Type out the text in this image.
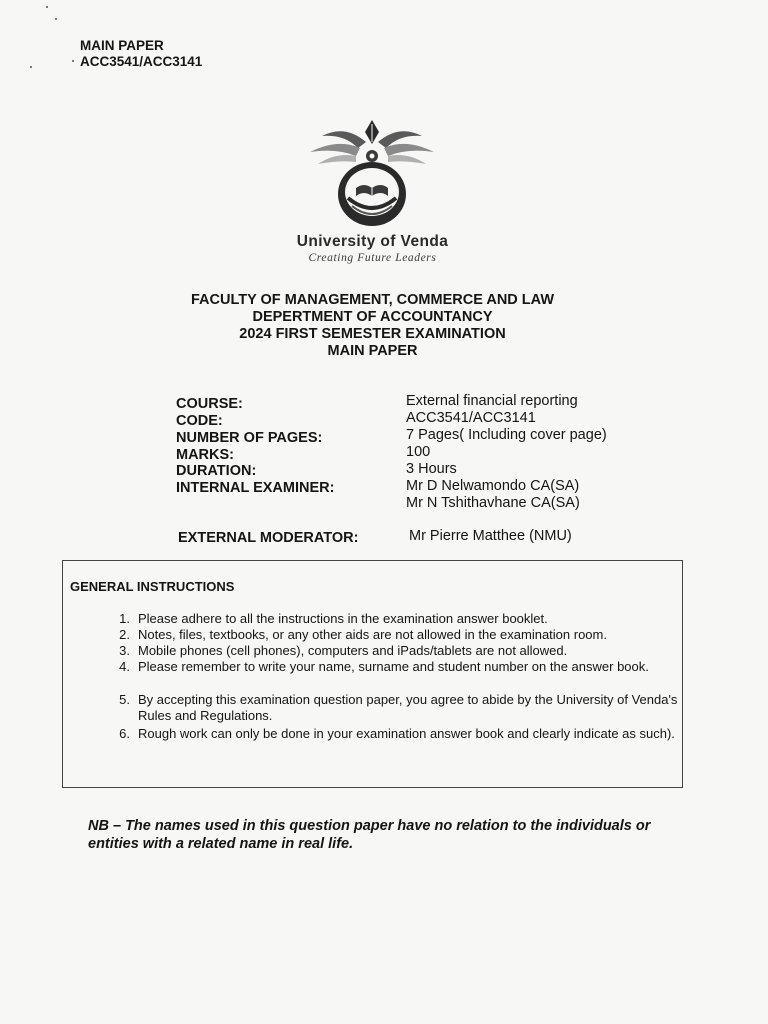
MAIN PAPER
ACC3541/ACC3141
University of Venda
Creating Future Leaders
FACULTY OF MANAGEMENT, COMMERCE AND LAW
DEPERTMENT OF ACCOUNTANCY
2024 FIRST SEMESTER EXAMINATION
MAIN PAPER
COURSE:	External financial reporting
CODE:	ACC3541/ACC3141
NUMBER OF PAGES:	7 Pages( Including cover page)
MARKS:	100
DURATION:	3 Hours
INTERNAL EXAMINER:	Mr D Nelwamondo CA(SA)
Mr N Tshithavhane CA(SA)
EXTERNAL MODERATOR:	Mr Pierre Matthee (NMU)
GENERAL INSTRUCTIONS
1. Please adhere to all the instructions in the examination answer booklet.
2. Notes, files, textbooks, or any other aids are not allowed in the examination room.
3. Mobile phones (cell phones), computers and iPads/tablets are not allowed.
4. Please remember to write your name, surname and student number on the answer book.
5. By accepting this examination question paper, you agree to abide by the University of Venda's Rules and Regulations.
6. Rough work can only be done in your examination answer book and clearly indicate as such).
NB – The names used in this question paper have no relation to the individuals or entities with a related name in real life.
